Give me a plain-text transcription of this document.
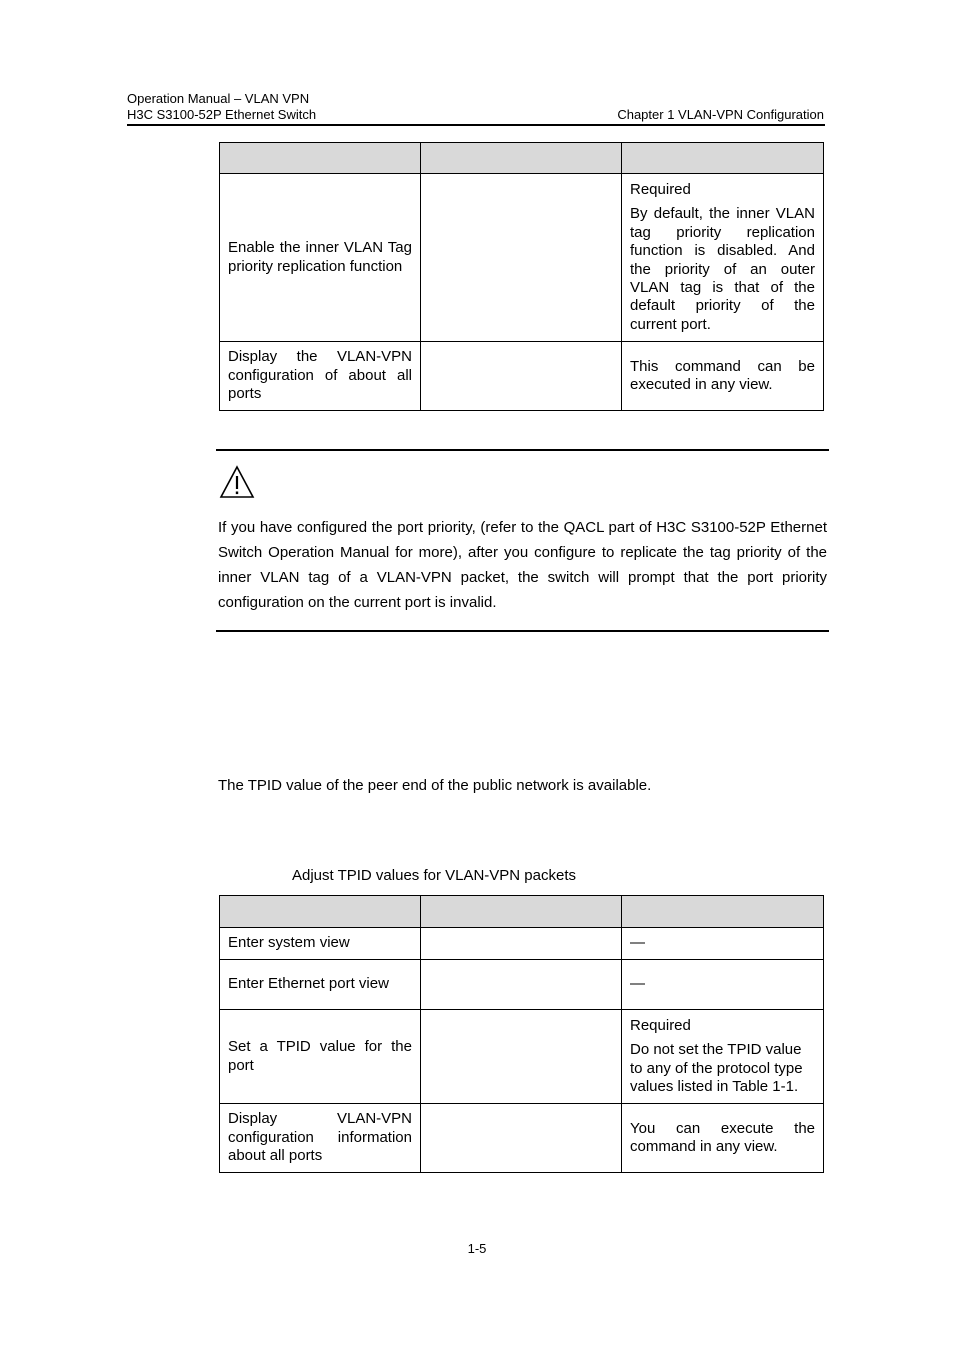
Operation Manual – VLAN VPN
H3C S3100-52P Ethernet Switch	Chapter 1 VLAN-VPN Configuration

Enable the inner VLAN Tag priority replication function		Required

By default, the inner VLAN tag priority replication function is disabled. And the priority of an outer VLAN tag is that of the default priority of the current port.

Display the VLAN-VPN configuration of about all ports		This command can be executed in any view.

If you have configured the port priority, (refer to the QACL part of H3C S3100-52P Ethernet Switch Operation Manual for more), after you configure to replicate the tag priority of the inner VLAN tag of a VLAN-VPN packet, the switch will prompt that the port priority configuration on the current port is invalid.

The TPID value of the peer end of the public network is available.

Adjust TPID values for VLAN-VPN packets

Enter system view		—

Enter Ethernet port view		—

Set a TPID value for the port		Required

Do not set the TPID value to any of the protocol type values listed in Table 1-1.

Display VLAN-VPN configuration information about all ports		You can execute the      command in any view.

1-5
